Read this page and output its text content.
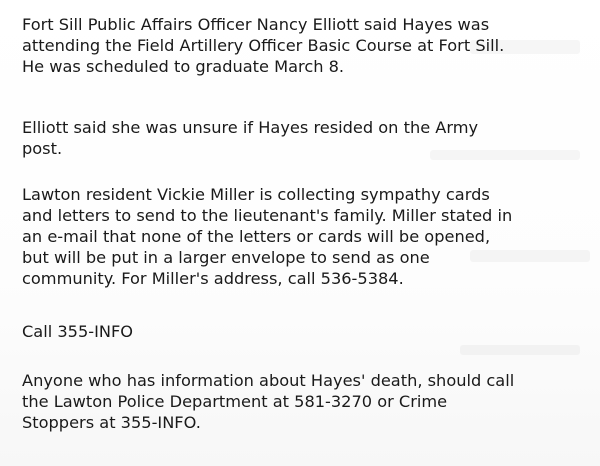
Fort Sill Public Affairs Officer Nancy Elliott said Hayes was
attending the Field Artillery Officer Basic Course at Fort Sill.
He was scheduled to graduate March 8.
Elliott said she was unsure if Hayes resided on the Army
post.
Lawton resident Vickie Miller is collecting sympathy cards
and letters to send to the lieutenant's family. Miller stated in
an e-mail that none of the letters or cards will be opened,
but will be put in a larger envelope to send as one
community. For Miller's address, call 536-5384.
Call 355-INFO
Anyone who has information about Hayes' death, should call
the Lawton Police Department at 581-3270 or Crime
Stoppers at 355-INFO.
